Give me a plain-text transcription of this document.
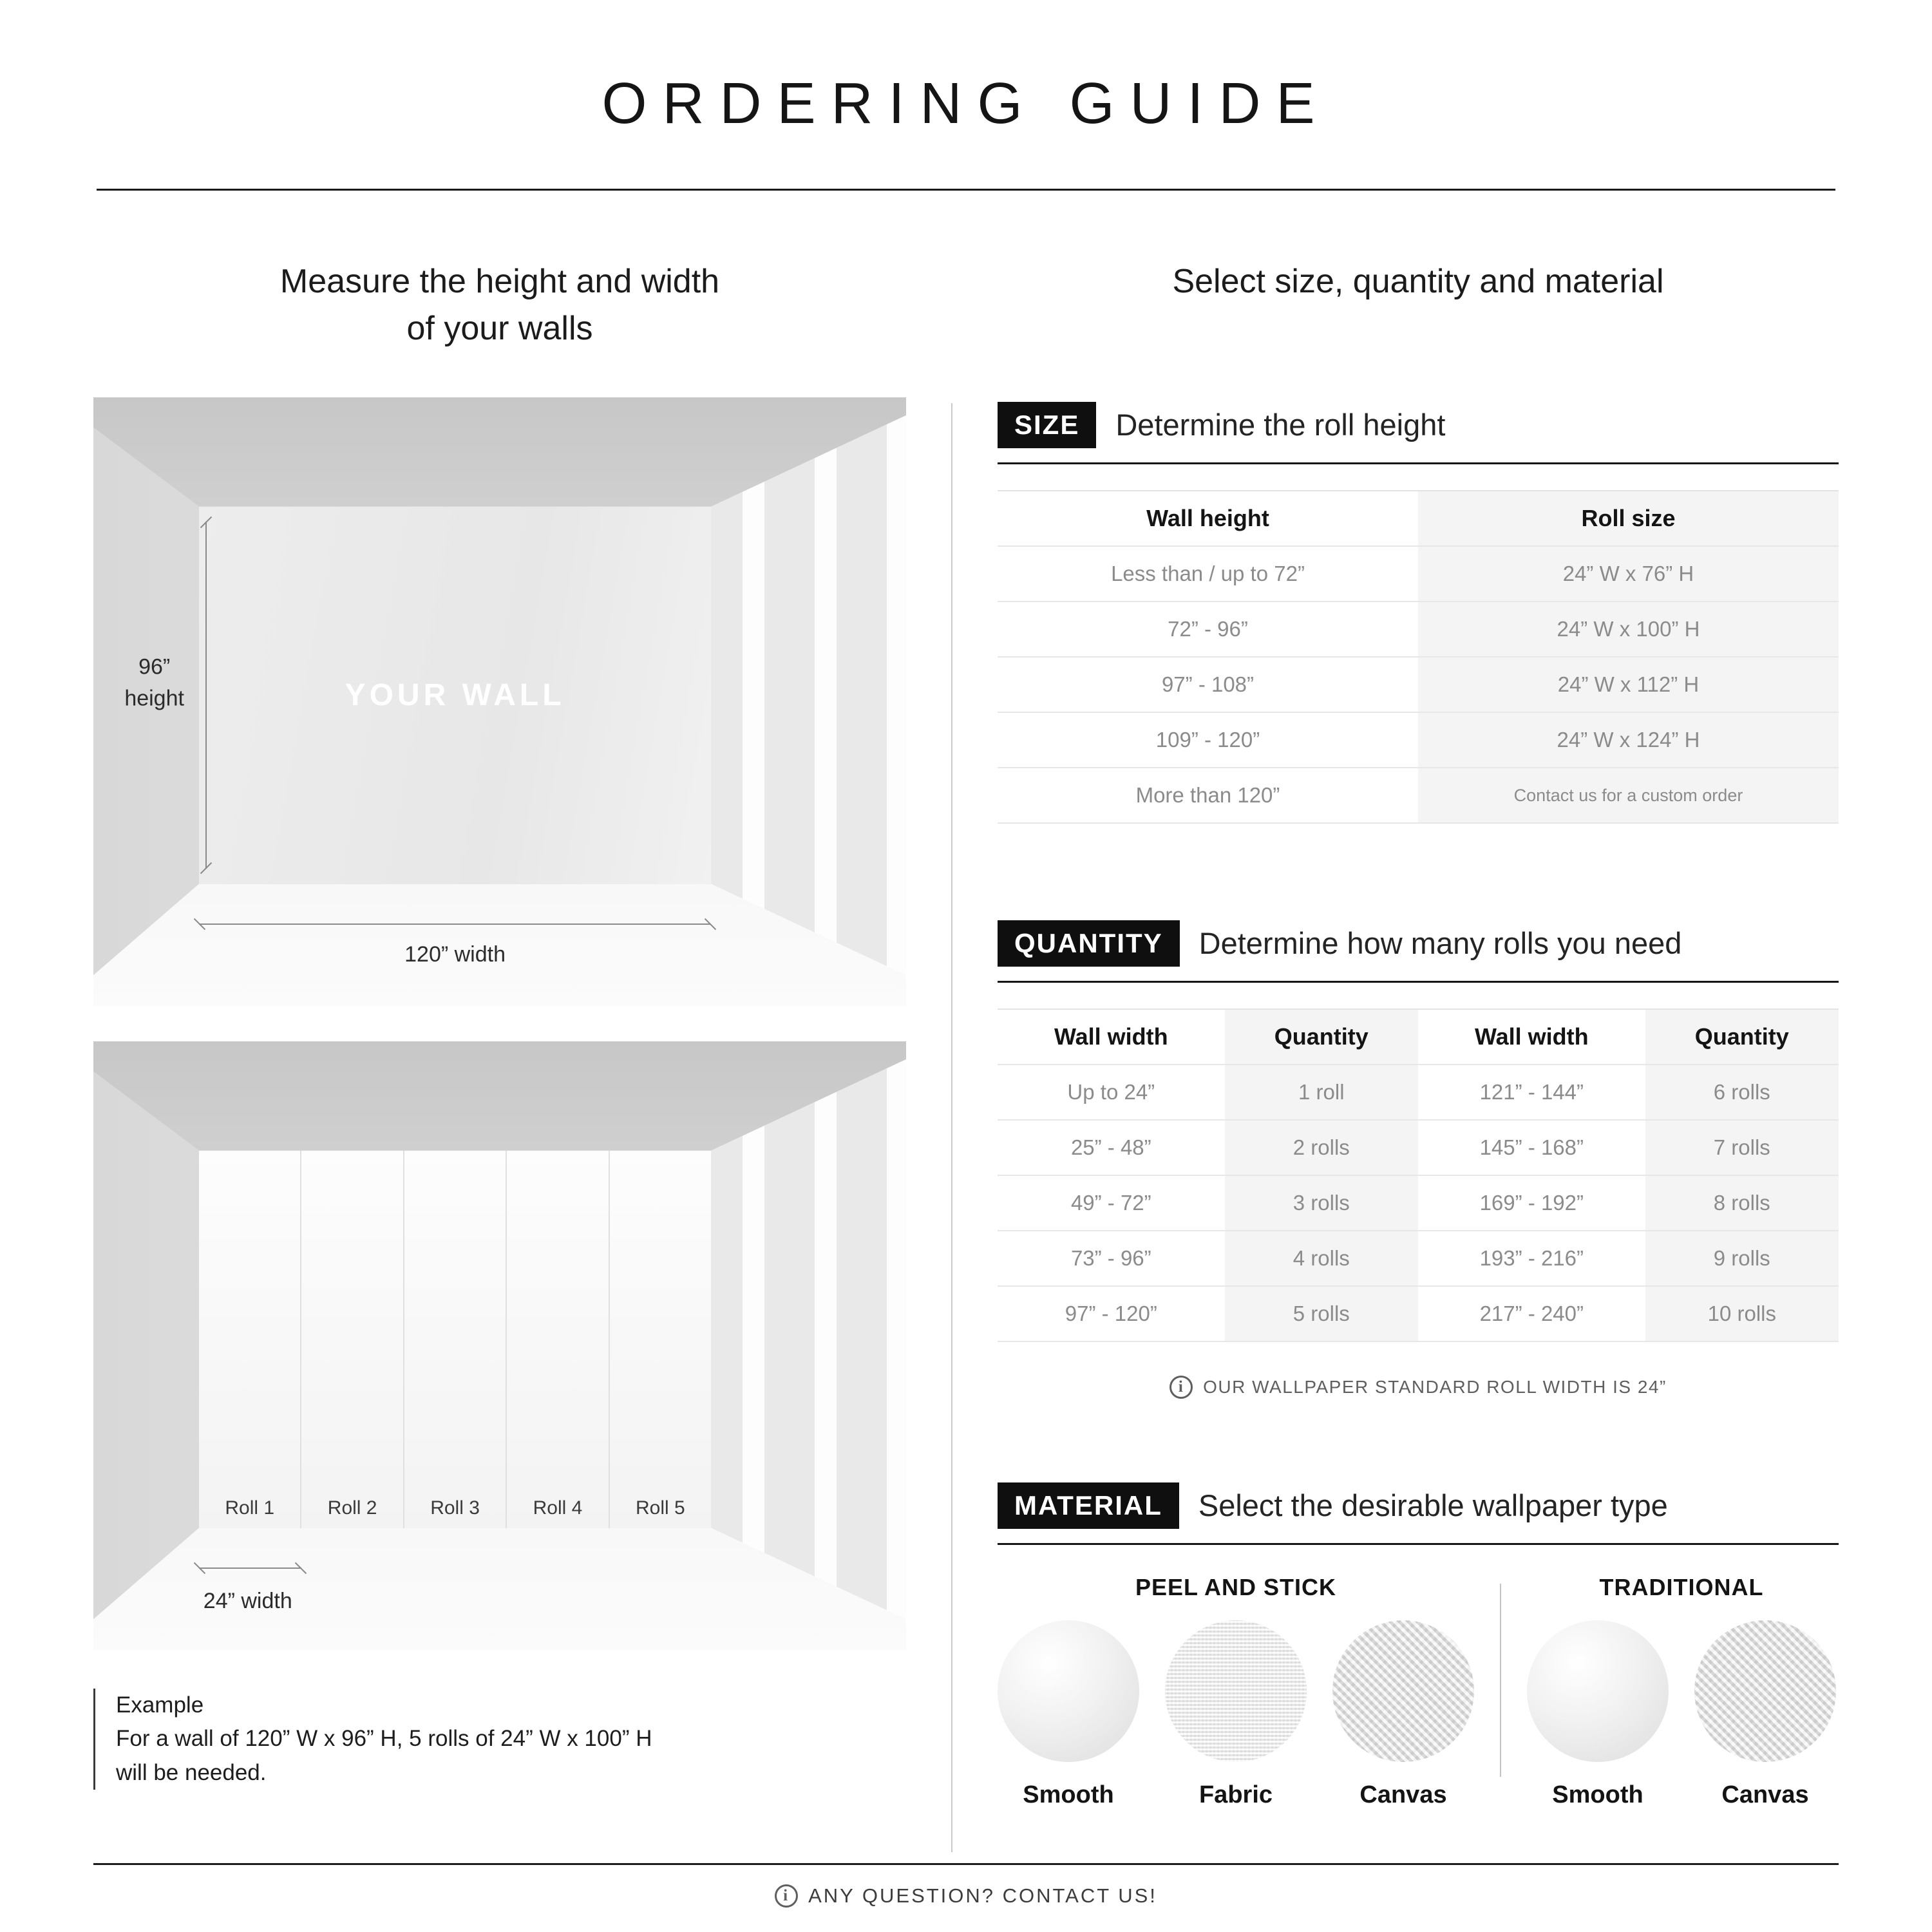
ORDERING GUIDE
Measure the height and width
of your walls
YOUR WALL
96”
height
120” width
Roll 1	Roll 2	Roll 3	Roll 4	Roll 5
24” width
Example
For a wall of 120” W x 96” H, 5 rolls of 24” W x 100” H
will be needed.
Select size, quantity and material
SIZE	Determine the roll height
Wall height	Roll size
Less than / up to 72”	24” W x 76” H
72” - 96”	24” W x 100” H
97” - 108”	24” W x 112” H
109” - 120”	24” W x 124” H
More than 120”	Contact us for a custom order
QUANTITY	Determine how many rolls you need
Wall width	Quantity	Wall width	Quantity
Up to 24”	1 roll	121” - 144”	6 rolls
25” - 48”	2 rolls	145” - 168”	7 rolls
49” - 72”	3 rolls	169” - 192”	8 rolls
73” - 96”	4 rolls	193” - 216”	9 rolls
97” - 120”	5 rolls	217” - 240”	10 rolls
i
OUR WALLPAPER STANDARD ROLL WIDTH IS 24”
MATERIAL	Select the desirable wallpaper type
PEEL AND STICK
Smooth	Fabric	Canvas
TRADITIONAL
Smooth	Canvas
i
ANY QUESTION? CONTACT US!
